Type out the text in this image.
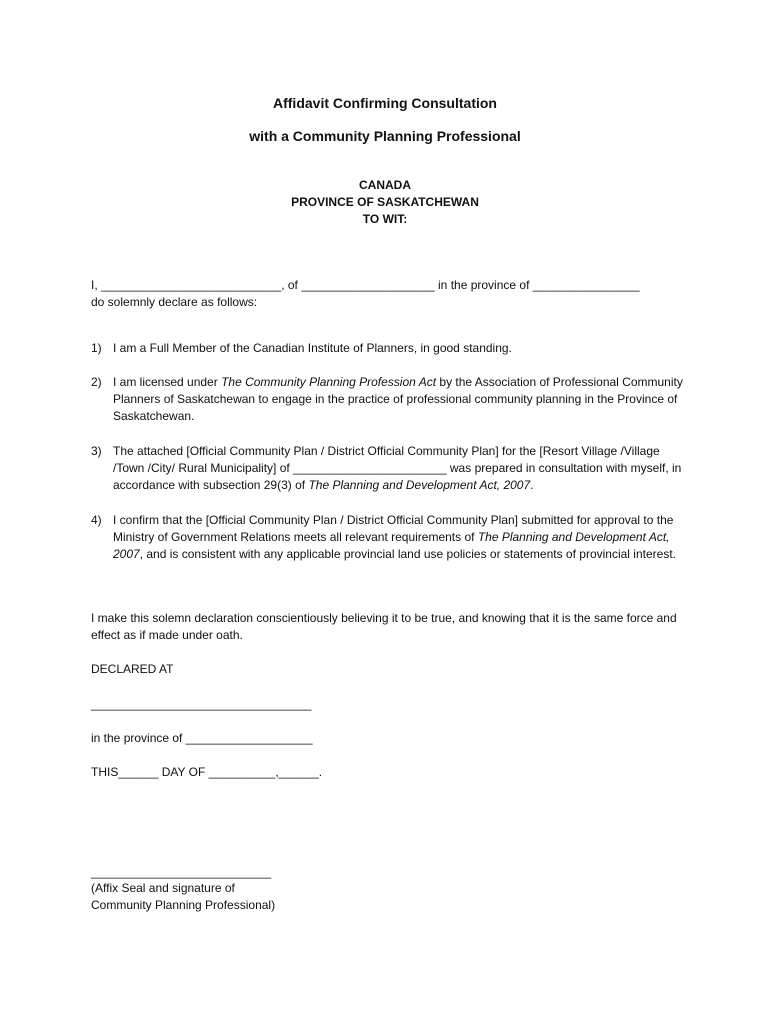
Affidavit Confirming Consultation
with a Community Planning Professional
CANADA
PROVINCE OF SASKATCHEWAN
TO WIT:
I, ___________________________, of ____________________ in the province of ________________
do solemnly declare as follows:
1) I am a Full Member of the Canadian Institute of Planners, in good standing.
2) I am licensed under The Community Planning Profession Act by the Association of Professional Community Planners of Saskatchewan to engage in the practice of professional community planning in the Province of Saskatchewan.
3) The attached [Official Community Plan / District Official Community Plan] for the [Resort Village /Village /Town /City/ Rural Municipality] of _______________________ was prepared in consultation with myself, in accordance with subsection 29(3) of The Planning and Development Act, 2007.
4) I confirm that the [Official Community Plan / District Official Community Plan] submitted for approval to the Ministry of Government Relations meets all relevant requirements of The Planning and Development Act, 2007, and is consistent with any applicable provincial land use policies or statements of provincial interest.

I make this solemn declaration conscientiously believing it to be true, and knowing that it is the same force and effect as if made under oath.

DECLARED AT
_________________________________
in the province of ___________________
THIS______ DAY OF __________,______.
___________________________
(Affix Seal and signature of
Community Planning Professional)
